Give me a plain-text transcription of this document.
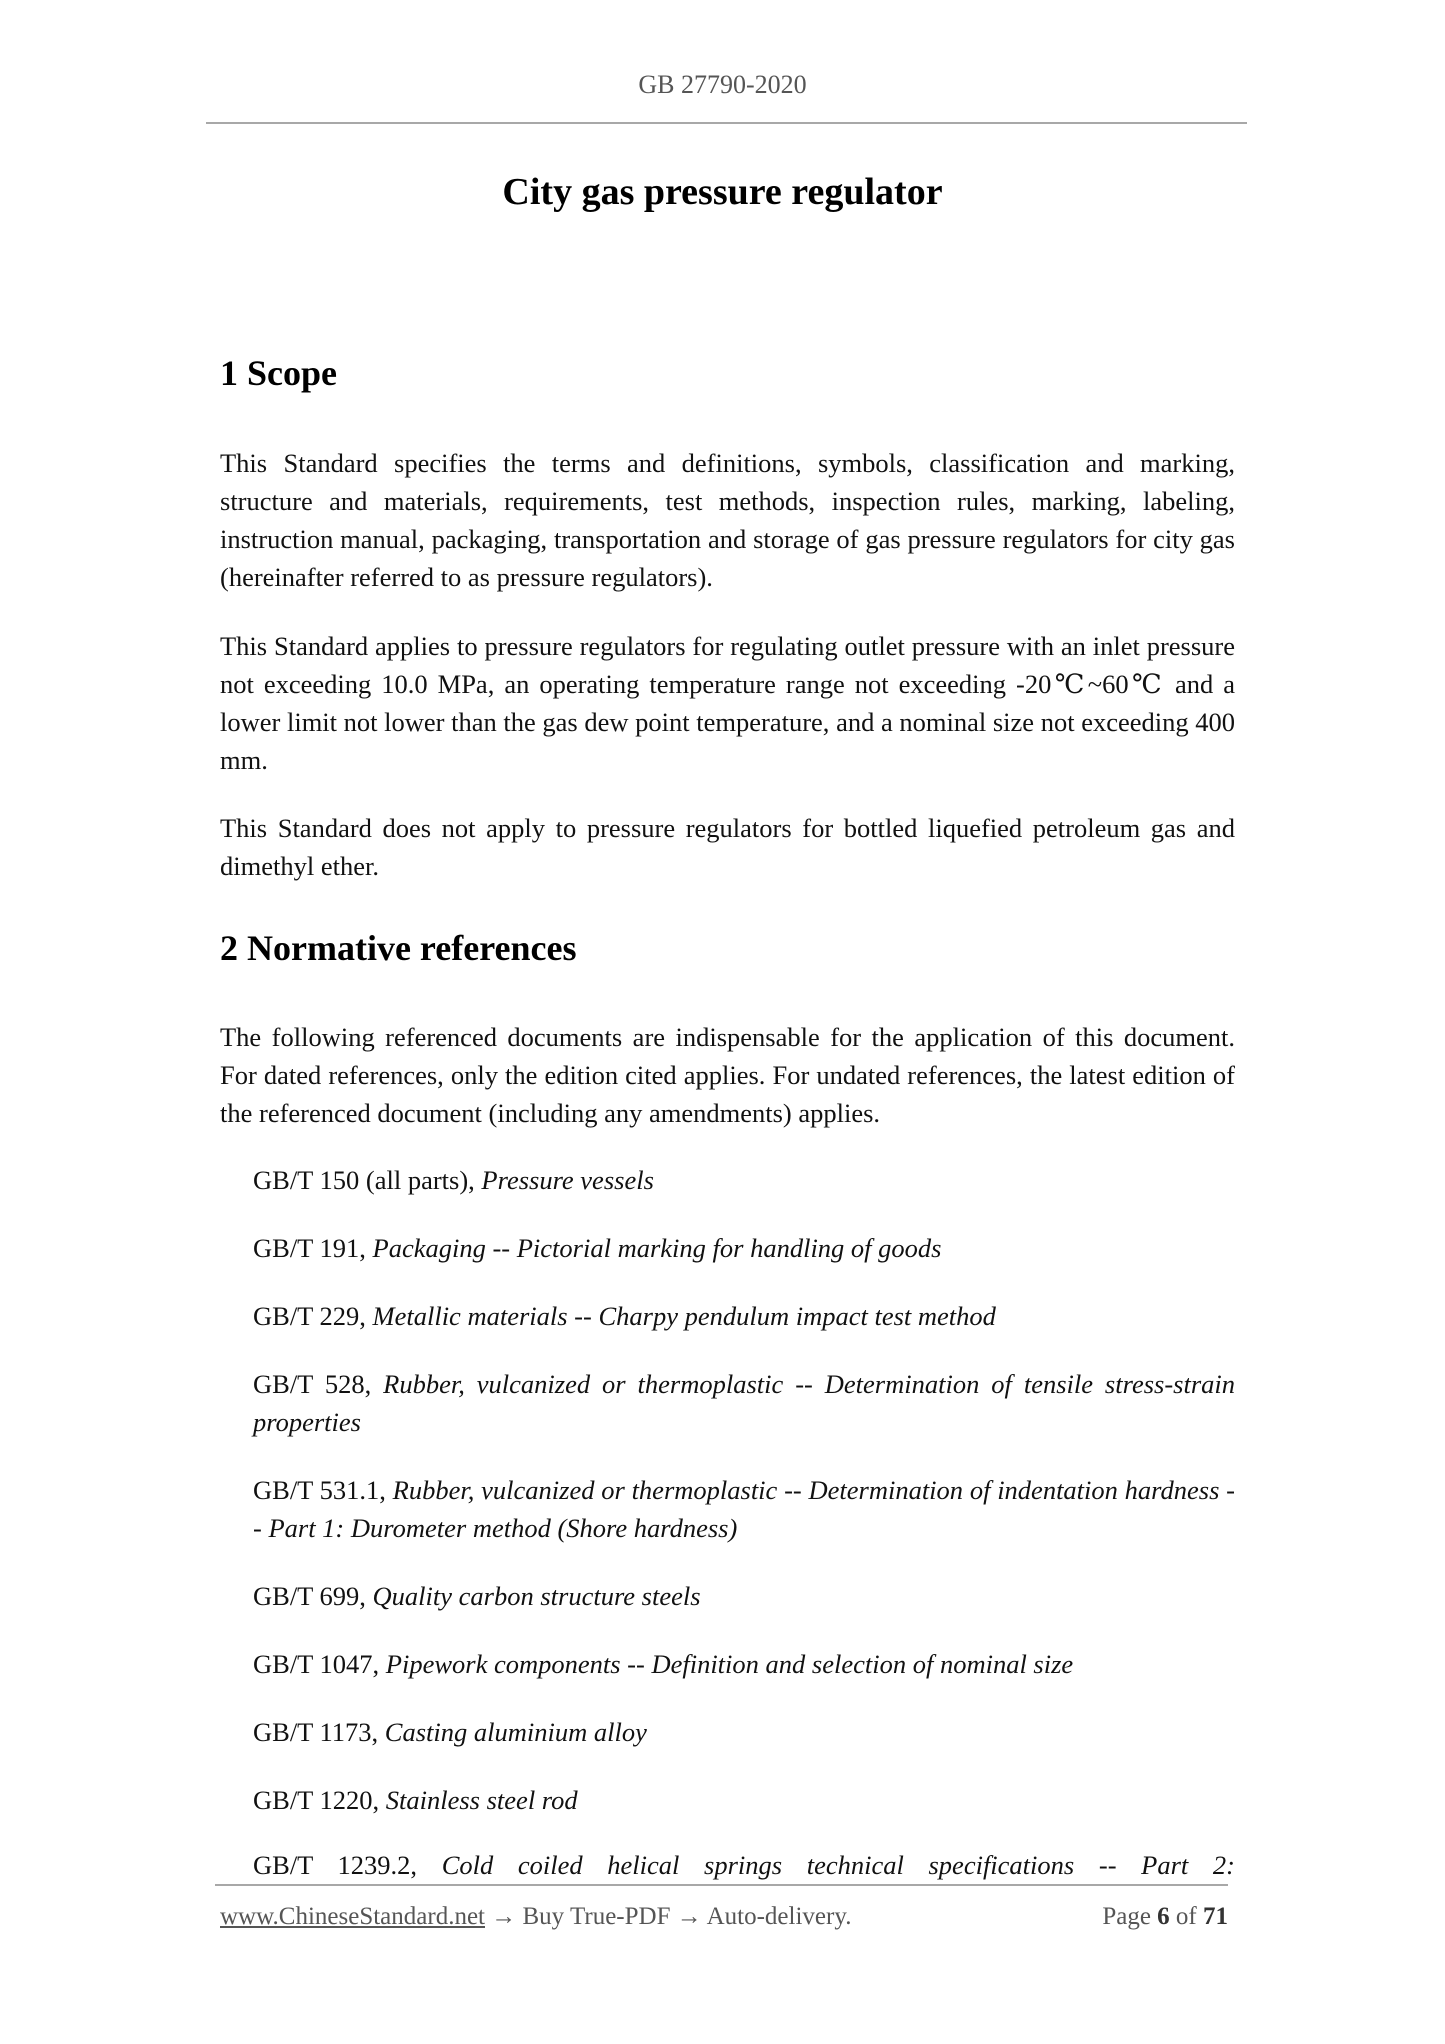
GB 27790-2020
City gas pressure regulator
1 Scope
This Standard specifies the terms and definitions, symbols, classification and marking, structure and materials, requirements, test methods, inspection rules, marking, labeling, instruction manual, packaging, transportation and storage of gas pressure regulators for city gas (hereinafter referred to as pressure regulators).
This Standard applies to pressure regulators for regulating outlet pressure with an inlet pressure not exceeding 10.0 MPa, an operating temperature range not exceeding -20℃~60℃ and a lower limit not lower than the gas dew point temperature, and a nominal size not exceeding 400 mm.
This Standard does not apply to pressure regulators for bottled liquefied petroleum gas and dimethyl ether.
2 Normative references
The following referenced documents are indispensable for the application of this document. For dated references, only the edition cited applies. For undated references, the latest edition of the referenced document (including any amendments) applies.
GB/T 150 (all parts), Pressure vessels
GB/T 191, Packaging -- Pictorial marking for handling of goods
GB/T 229, Metallic materials -- Charpy pendulum impact test method
GB/T 528, Rubber, vulcanized or thermoplastic -- Determination of tensile stress-strain properties
GB/T 531.1, Rubber, vulcanized or thermoplastic -- Determination of indentation hardness -- Part 1: Durometer method (Shore hardness)
GB/T 699, Quality carbon structure steels
GB/T 1047, Pipework components -- Definition and selection of nominal size
GB/T 1173, Casting aluminium alloy
GB/T 1220, Stainless steel rod
GB/T 1239.2, Cold coiled helical springs technical specifications -- Part 2:
www.ChineseStandard.net → Buy True-PDF → Auto-delivery.	Page 6 of 71
